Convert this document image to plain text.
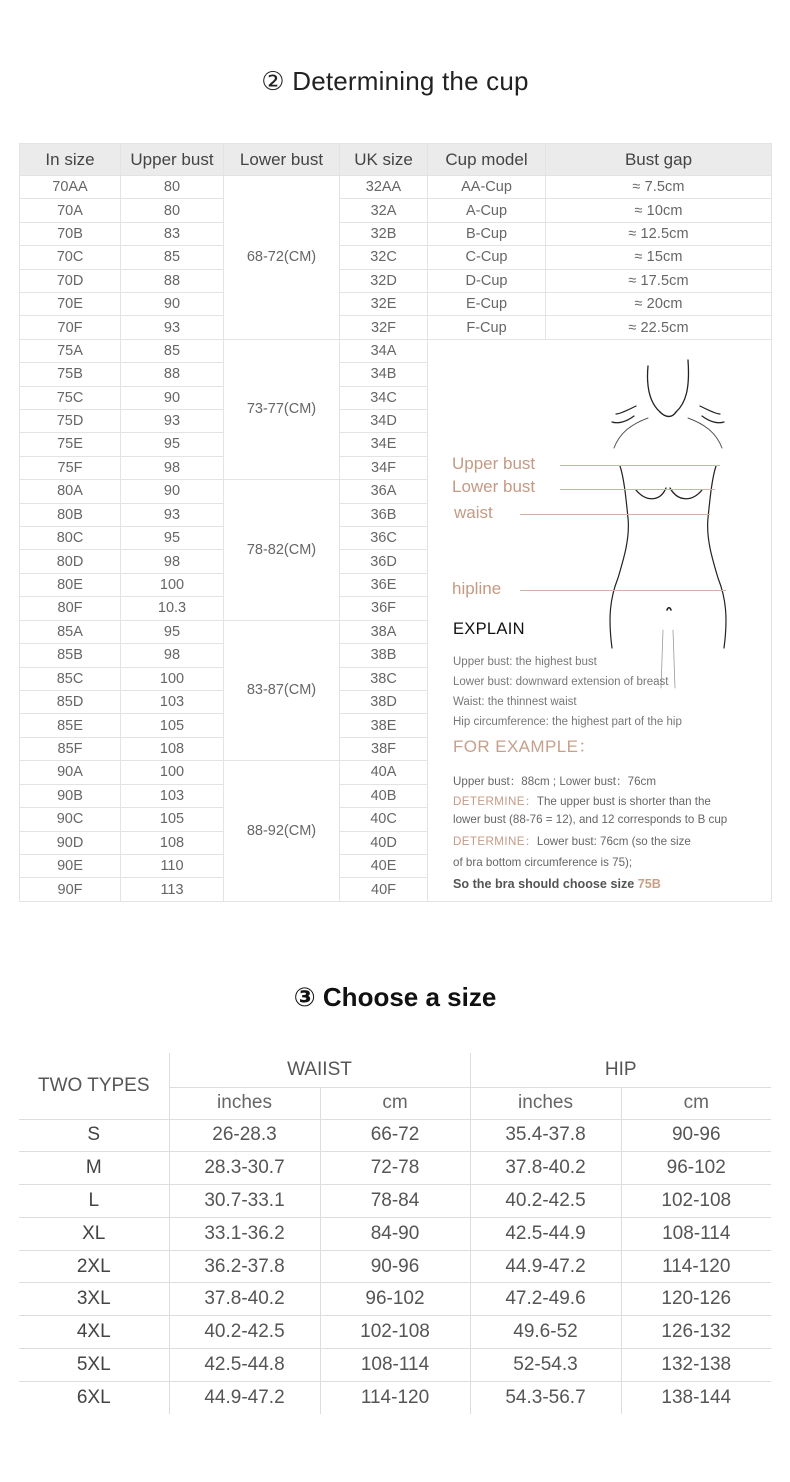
② Determining the cup
In size	Upper bust	Lower bust	UK size	Cup model	Bust gap
70AA	80	68-72(CM)	32AA	AA-Cup	≈ 7.5cm
70A	80		32A	A-Cup	≈ 10cm
70B	83		32B	B-Cup	≈ 12.5cm
70C	85		32C	C-Cup	≈ 15cm
70D	88		32D	D-Cup	≈ 17.5cm
70E	90		32E	E-Cup	≈ 20cm
70F	93		32F	F-Cup	≈ 22.5cm
75A	85	73-77(CM)	34A	
Upper bust
Lower bust
waist
hipline
EXPLAIN
Upper bust: the highest bust
Lower bust: downward extension of breast
Waist: the thinnest waist
Hip circumference: the highest part of the hip
FOR EXAMPLE：
Upper bust：88cm ; Lower bust：76cm
DETERMINE：The upper bust is shorter than the
lower bust (88-76 = 12), and 12 corresponds to B cup
DETERMINE：Lower bust: 76cm (so the size
of bra bottom circumference is 75);
So the bra should choose size 75B

75B	88		34B		
75C	90		34C		
75D	93		34D		
75E	95		34E		
75F	98		34F		
80A	90	78-82(CM)	36A		
80B	93		36B		
80C	95		36C		
80D	98		36D		
80E	100		36E		
80F	10.3		36F		
85A	95	83-87(CM)	38A		
85B	98		38B		
85C	100		38C		
85D	103		38D		
85E	105		38E		
85F	108		38F		
90A	100	88-92(CM)	40A		
90B	103		40B		
90C	105		40C		
90D	108		40D		
90E	110		40E		
90F	113		40F		
③ Choose a size
TWO TYPES	WAIIST		HIP	
	inches	cm	inches	cm
S	26-28.3	66-72	35.4-37.8	90-96
M	28.3-30.7	72-78	37.8-40.2	96-102
L	30.7-33.1	78-84	40.2-42.5	102-108
XL	33.1-36.2	84-90	42.5-44.9	108-114
2XL	36.2-37.8	90-96	44.9-47.2	114-120
3XL	37.8-40.2	96-102	47.2-49.6	120-126
4XL	40.2-42.5	102-108	49.6-52	126-132
5XL	42.5-44.8	108-114	52-54.3	132-138
6XL	44.9-47.2	114-120	54.3-56.7	138-144
